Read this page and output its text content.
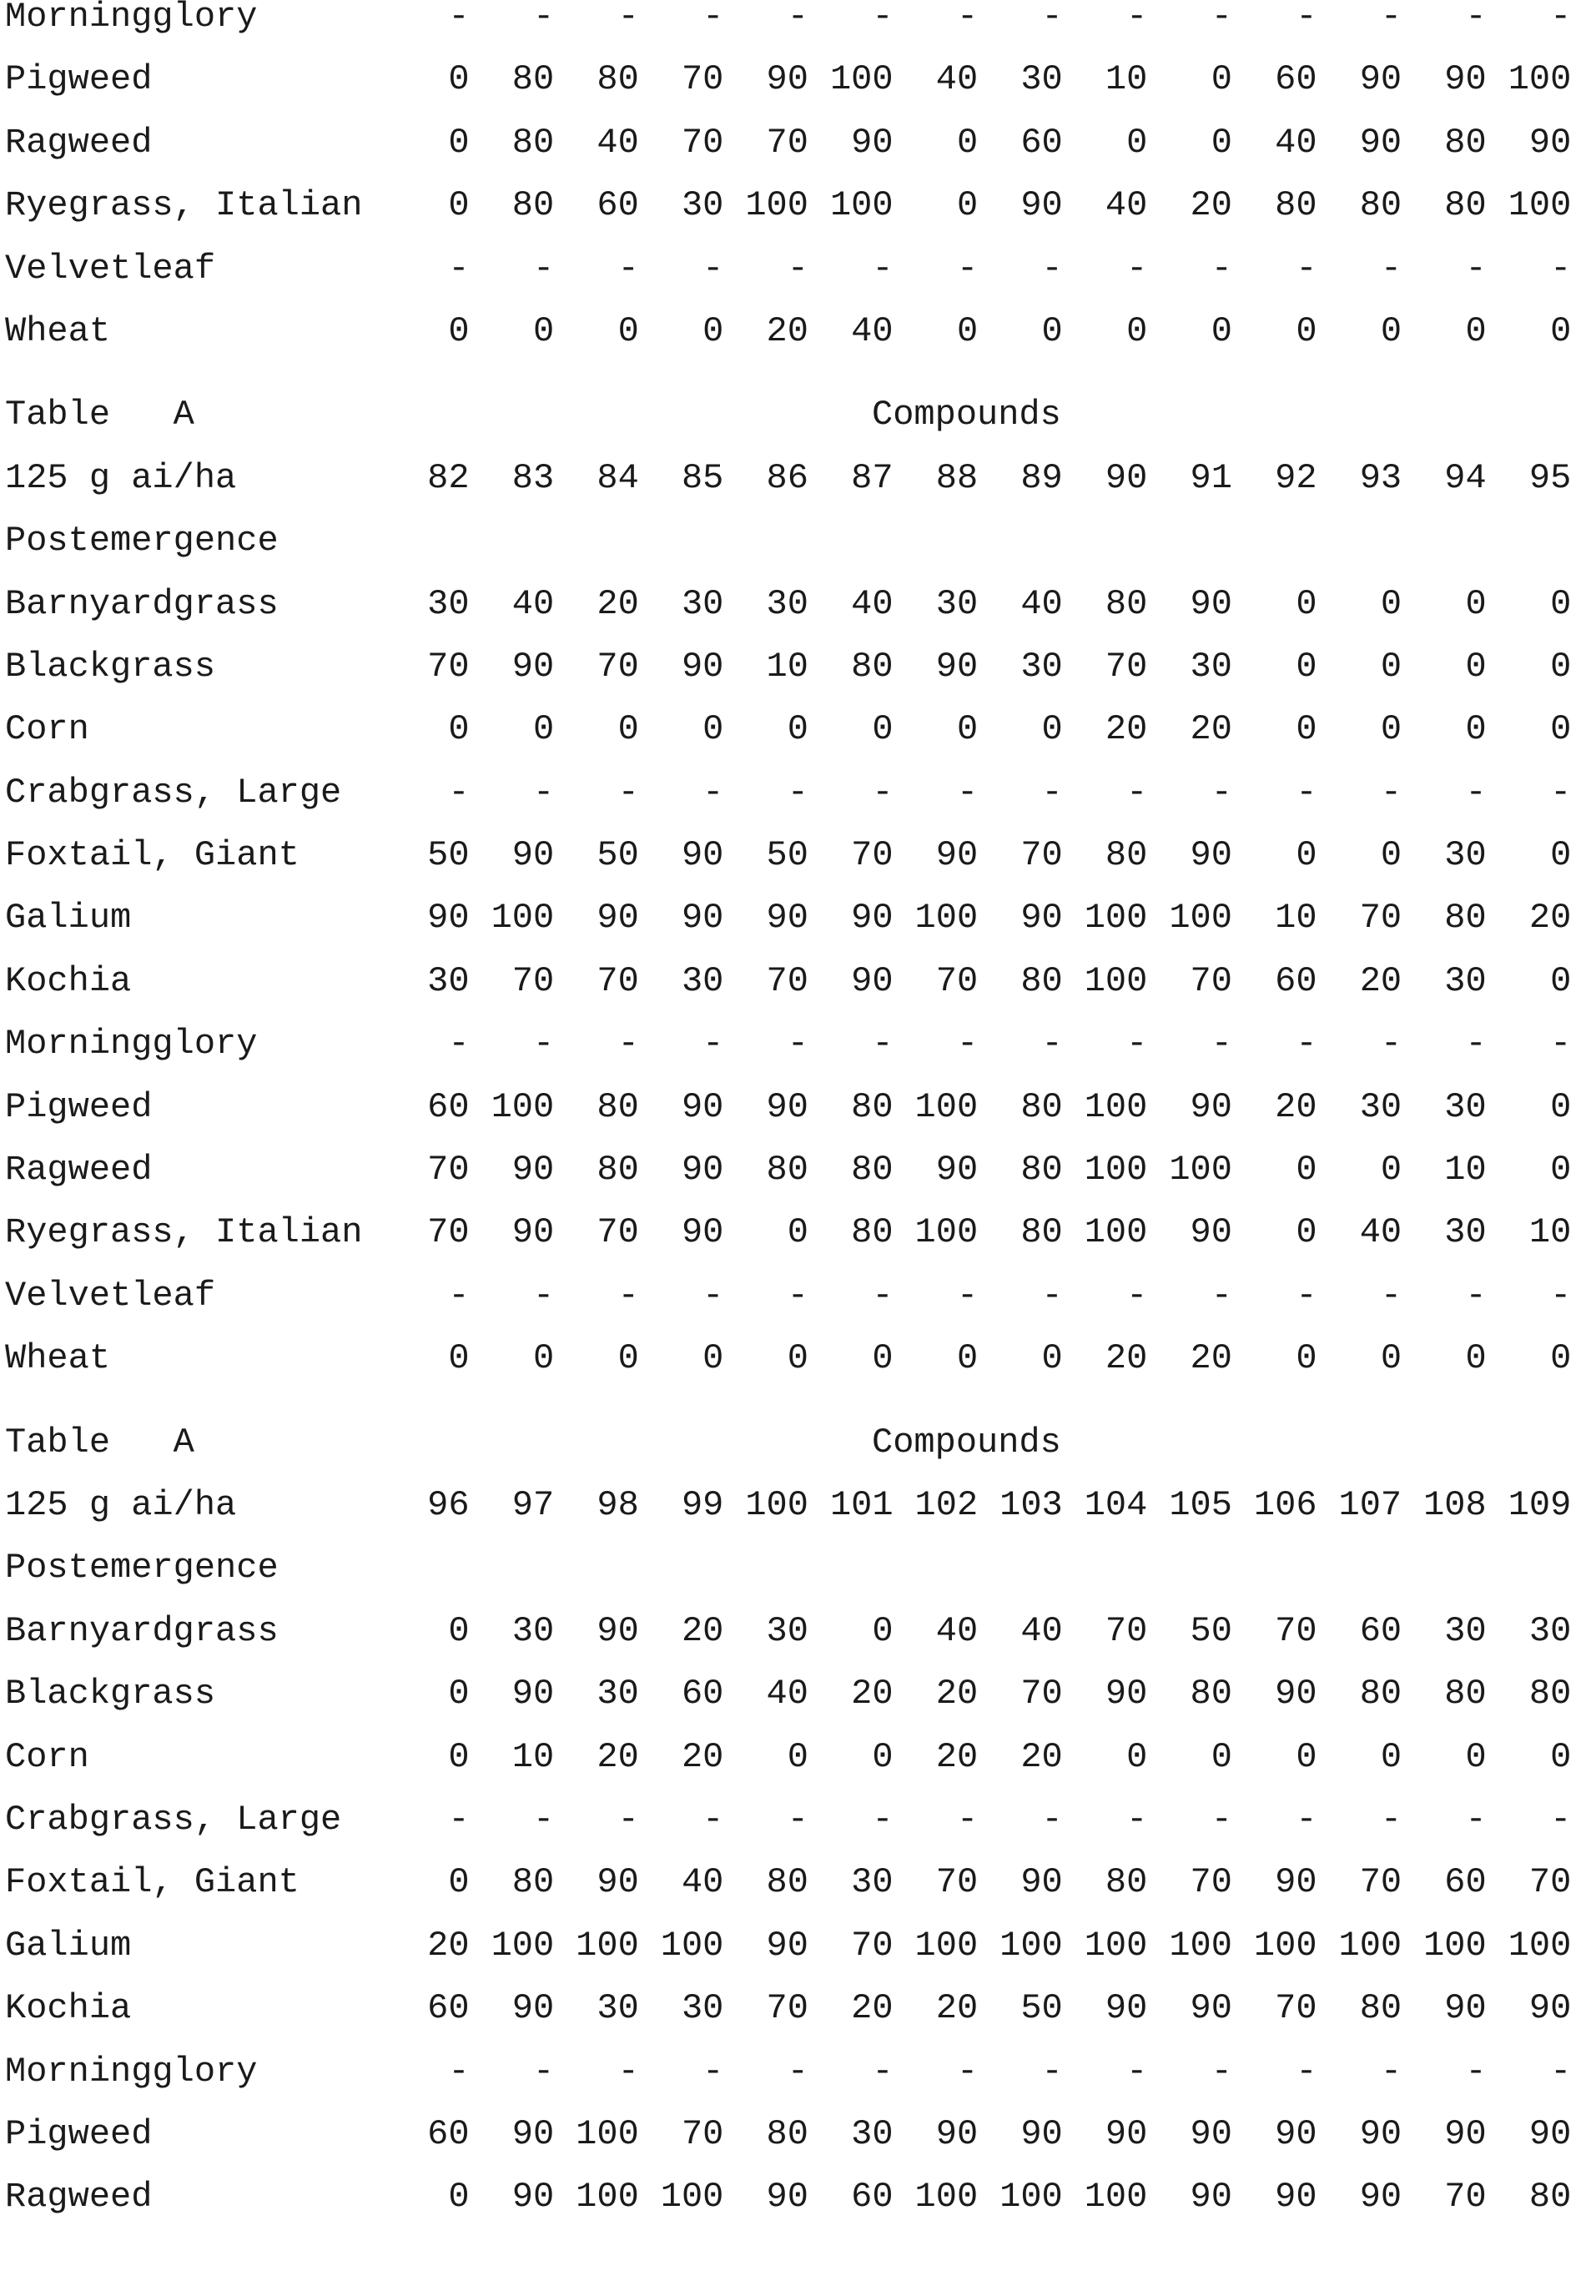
Morningglory	-	-	-	-	-	-	-	-	-	-	-	-	-	-
Pigweed	0	80	80	70	90 100	40	30	10	0	60	90	90 100
Ragweed	0	80	40	70	70	90	0	60	0	0	40	90	80	90
Ryegrass, Italian	0	80	60	30 100 100	0	90	40	20	80	80	80 100
Velvetleaf	-	-	-	-	-	-	-	-	-	-	-	-	-	-
Wheat	0	0	0	0	20	40	0	0	0	0	0	0	0	0
Table   A	Compounds
125 g ai/ha	82	83	84	85	86	87	88	89	90	91	92	93	94	95
Postemergence
Barnyardgrass	30	40	20	30	30	40	30	40	80	90	0	0	0	0
Blackgrass	70	90	70	90	10	80	90	30	70	30	0	0	0	0
Corn	0	0	0	0	0	0	0	0	20	20	0	0	0	0
Crabgrass, Large	-	-	-	-	-	-	-	-	-	-	-	-	-	-
Foxtail, Giant	50	90	50	90	50	70	90	70	80	90	0	0	30	0
Galium	90 100	90	90	90	90 100	90 100 100	10	70	80	20
Kochia	30	70	70	30	70	90	70	80 100	70	60	20	30	0
Morningglory	-	-	-	-	-	-	-	-	-	-	-	-	-	-
Pigweed	60 100	80	90	90	80 100	80 100	90	20	30	30	0
Ragweed	70	90	80	90	80	80	90	80 100 100	0	0	10	0
Ryegrass, Italian	70	90	70	90	0	80 100	80 100	90	0	40	30	10
Velvetleaf	-	-	-	-	-	-	-	-	-	-	-	-	-	-
Wheat	0	0	0	0	0	0	0	0	20	20	0	0	0	0
Table   A	Compounds
125 g ai/ha	96	97	98	99 100 101 102 103 104 105 106 107 108 109
Postemergence
Barnyardgrass	0	30	90	20	30	0	40	40	70	50	70	60	30	30
Blackgrass	0	90	30	60	40	20	20	70	90	80	90	80	80	80
Corn	0	10	20	20	0	0	20	20	0	0	0	0	0	0
Crabgrass, Large	-	-	-	-	-	-	-	-	-	-	-	-	-	-
Foxtail, Giant	0	80	90	40	80	30	70	90	80	70	90	70	60	70
Galium	20 100 100 100	90	70 100 100 100 100 100 100 100 100
Kochia	60	90	30	30	70	20	20	50	90	90	70	80	90	90
Morningglory	-	-	-	-	-	-	-	-	-	-	-	-	-	-
Pigweed	60	90 100	70	80	30	90	90	90	90	90	90	90	90
Ragweed	0	90 100 100	90	60 100 100 100	90	90	90	70	80
